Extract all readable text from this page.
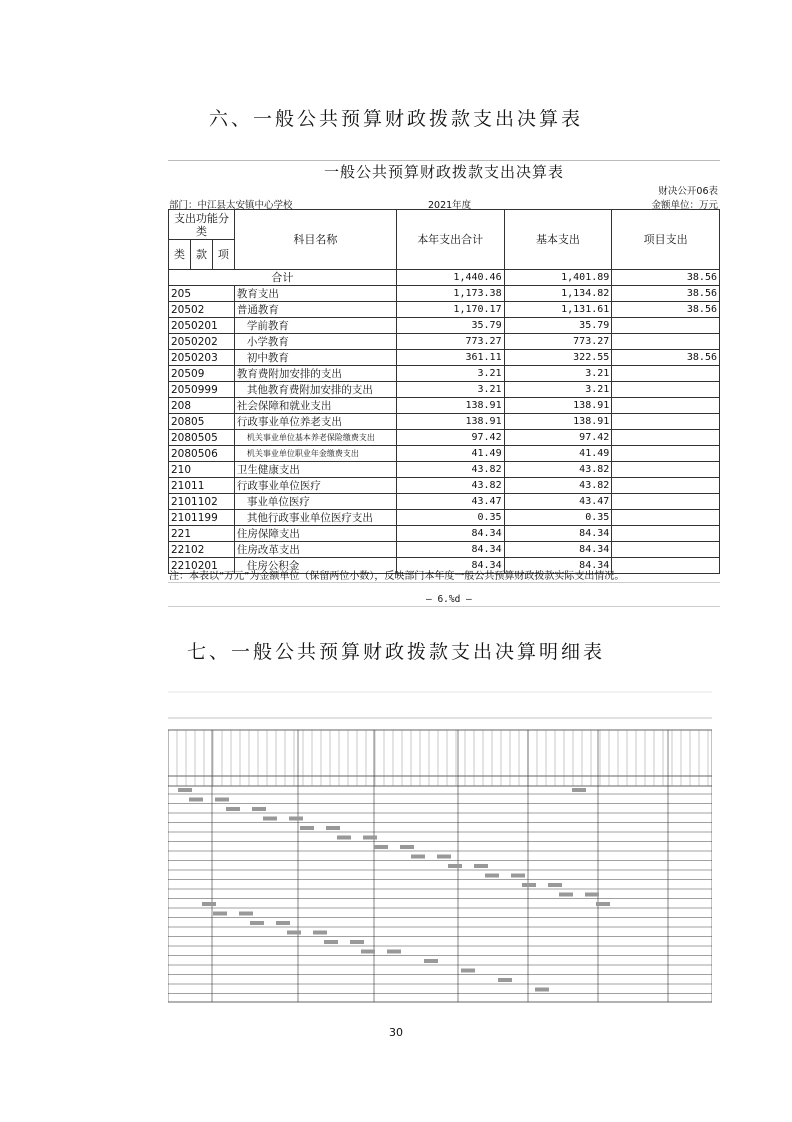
六、一般公共预算财政拨款支出决算表
一般公共预算财政拨款支出决算表
财决公开06表
部门：中江县太安镇中心学校	2021年度	金额单位：万元
支出功能分类			科目名称	本年支出合计	基本支出	项目支出
类	款	项				
合计				1,440.46	1,401.89	38.56
205			教育支出	1,173.38	1,134.82	38.56
20502			普通教育	1,170.17	1,131.61	38.56
2050201			学前教育	35.79	35.79	
2050202			小学教育	773.27	773.27	
2050203			初中教育	361.11	322.55	38.56
20509			教育费附加安排的支出	3.21	3.21	
2050999			其他教育费附加安排的支出	3.21	3.21	
208			社会保障和就业支出	138.91	138.91	
20805			行政事业单位养老支出	138.91	138.91	
2080505			机关事业单位基本养老保险缴费支出	97.42	97.42	
2080506			机关事业单位职业年金缴费支出	41.49	41.49	
210			卫生健康支出	43.82	43.82	
21011			行政事业单位医疗	43.82	43.82	
2101102			事业单位医疗	43.47	43.47	
2101199			其他行政事业单位医疗支出	0.35	0.35	
221			住房保障支出	84.34	84.34	
22102			住房改革支出	84.34	84.34	
2210201			住房公积金	84.34	84.34	
注：本表以“万元”为金额单位（保留两位小数），反映部门本年度一般公共预算财政拨款实际支出情况。
— 6.%d —
七、一般公共预算财政拨款支出决算明细表
30
